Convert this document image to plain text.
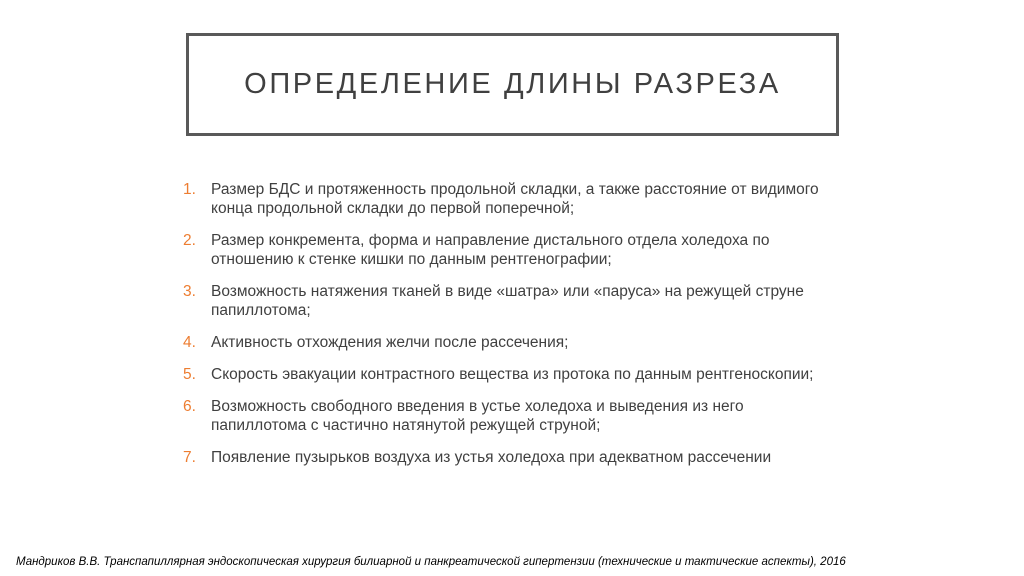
ОПРЕДЕЛЕНИЕ ДЛИНЫ РАЗРЕЗА
1. Размер БДС и протяженность продольной складки, а также расстояние от видимого конца продольной складки до первой поперечной;
2. Размер конкремента, форма и направление дистального отдела холедоха по отношению к стенке кишки по данным рентгенографии;
3. Возможность натяжения тканей в виде «шатра» или «паруса» на режущей струне папиллотома;
4. Активность отхождения желчи после рассечения;
5. Скорость эвакуации контрастного вещества из протока по данным рентгеноскопии;
6. Возможность свободного введения в устье холедоха и выведения из него папиллотома с частично натянутой режущей струной;
7. Появление пузырьков воздуха из устья холедоха при адекватном рассечении
Мандриков В.В. Транспапиллярная эндоскопическая хирургия билиарной и панкреатической гипертензии (технические и тактические аспекты), 2016
